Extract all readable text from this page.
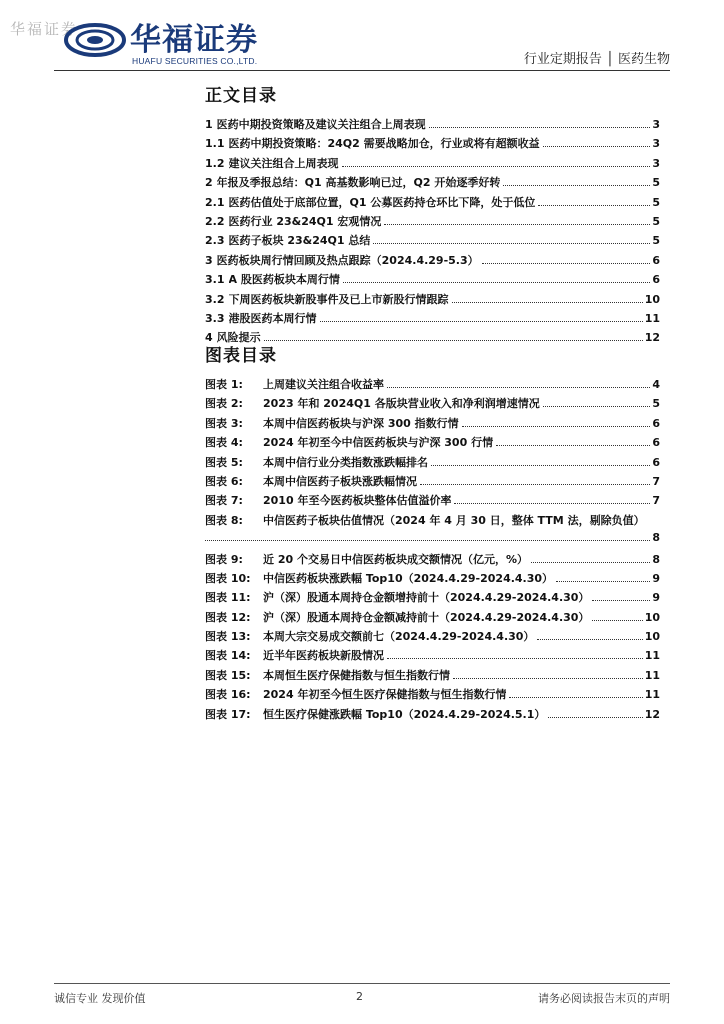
华福证券 华福证券
HUAFU SECURITIES CO.,LTD.	行业定期报告 │ 医药生物
正文目录
1 医药中期投资策略及建议关注组合上周表现	3
1.1 医药中期投资策略：24Q2 需要战略加仓，行业或将有超额收益	3
1.2 建议关注组合上周表现	3
2 年报及季报总结：Q1 高基数影响已过，Q2 开始逐季好转	5
2.1 医药估值处于底部位置，Q1 公募医药持仓环比下降，处于低位	5
2.2 医药行业 23&24Q1 宏观情况	5
2.3 医药子板块 23&24Q1 总结	5
3 医药板块周行情回顾及热点跟踪（2024.4.29-5.3）	6
3.1 A 股医药板块本周行情	6
3.2 下周医药板块新股事件及已上市新股行情跟踪	10
3.3 港股医药本周行情	11
4 风险提示	12
图表目录
图表 1:	上周建议关注组合收益率	4
图表 2:	2023 年和 2024Q1 各版块营业收入和净利润增速情况	5
图表 3:	本周中信医药板块与沪深 300 指数行情	6
图表 4:	2024 年初至今中信医药板块与沪深 300 行情	6
图表 5:	本周中信行业分类指数涨跌幅排名	6
图表 6:	本周中信医药子板块涨跌幅情况	7
图表 7:	2010 年至今医药板块整体估值溢价率	7
图表 8:	中信医药子板块估值情况（2024 年 4 月 30 日，整体 TTM 法，剔除负值）
8
图表 9:	近 20 个交易日中信医药板块成交额情况（亿元，%）	8
图表 10:	中信医药板块涨跌幅 Top10（2024.4.29-2024.4.30）	9
图表 11:	沪（深）股通本周持仓金额增持前十（2024.4.29-2024.4.30）	9
图表 12:	沪（深）股通本周持仓金额减持前十（2024.4.29-2024.4.30）	10
图表 13:	本周大宗交易成交额前七（2024.4.29-2024.4.30）	10
图表 14:	近半年医药板块新股情况	11
图表 15:	本周恒生医疗保健指数与恒生指数行情	11
图表 16:	2024 年初至今恒生医疗保健指数与恒生指数行情	11
图表 17:	恒生医疗保健涨跌幅 Top10（2024.4.29-2024.5.1）	12
诚信专业 发现价值	2	请务必阅读报告末页的声明
